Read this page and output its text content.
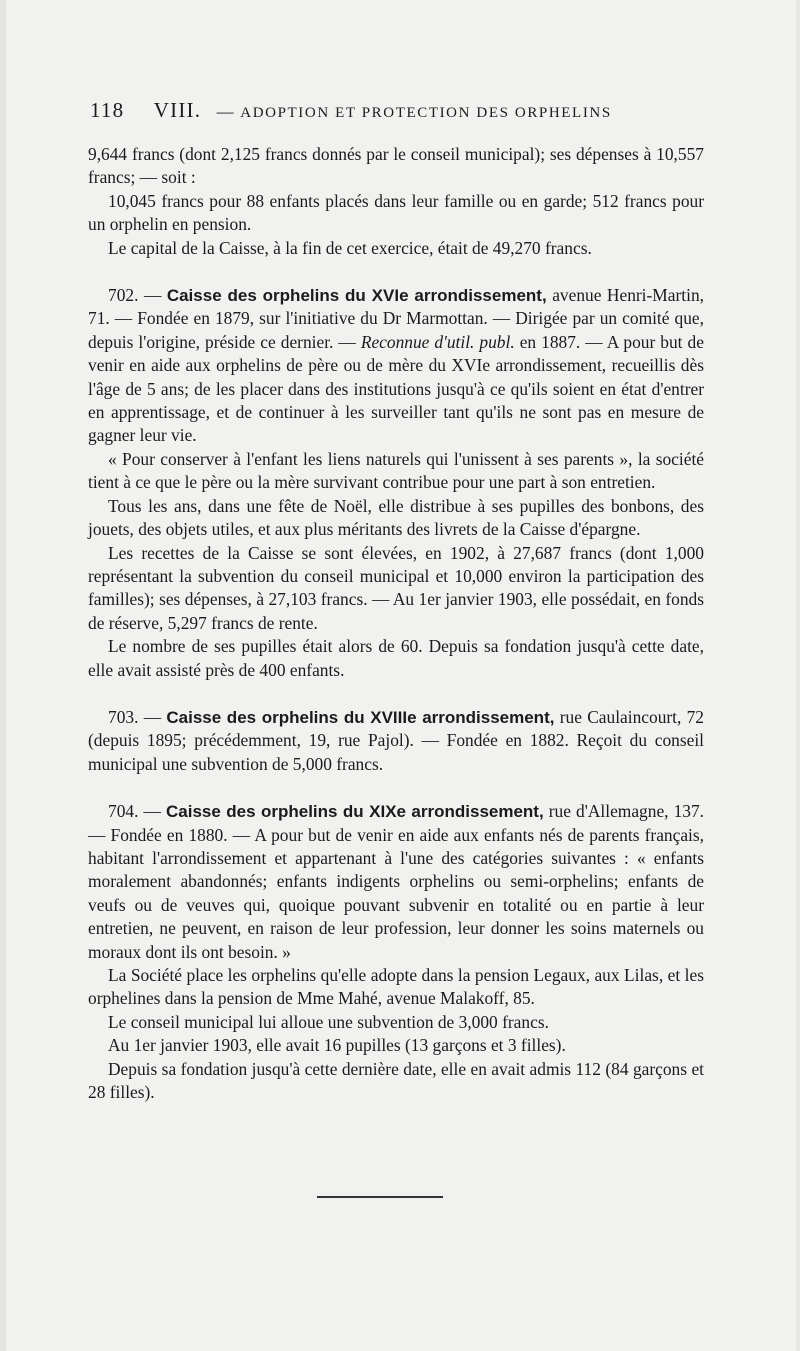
118 VIII. — ADOPTION ET PROTECTION DES ORPHELINS

9,644 francs (dont 2,125 francs donnés par le conseil municipal); ses dépenses à 10,557 francs; — soit :

10,045 francs pour 88 enfants placés dans leur famille ou en garde; 512 francs pour un orphelin en pension.

Le capital de la Caisse, à la fin de cet exercice, était de 49,270 francs.

702. — Caisse des orphelins du XVIe arrondissement, avenue Henri-Martin, 71. — Fondée en 1879, sur l'initiative du Dr Marmottan. — Dirigée par un comité que, depuis l'origine, préside ce dernier. — Reconnue d'util. publ. en 1887. — A pour but de venir en aide aux orphelins de père ou de mère du XVIe arrondissement, recueillis dès l'âge de 5 ans; de les placer dans des institutions jusqu'à ce qu'ils soient en état d'entrer en apprentissage, et de continuer à les surveiller tant qu'ils ne sont pas en mesure de gagner leur vie.

« Pour conserver à l'enfant les liens naturels qui l'unissent à ses parents », la société tient à ce que le père ou la mère survivant contribue pour une part à son entretien.

Tous les ans, dans une fête de Noël, elle distribue à ses pupilles des bonbons, des jouets, des objets utiles, et aux plus méritants des livrets de la Caisse d'épargne.

Les recettes de la Caisse se sont élevées, en 1902, à 27,687 francs (dont 1,000 représentant la subvention du conseil municipal et 10,000 environ la participation des familles); ses dépenses, à 27,103 francs. — Au 1er janvier 1903, elle possédait, en fonds de réserve, 5,297 francs de rente.

Le nombre de ses pupilles était alors de 60. Depuis sa fondation jusqu'à cette date, elle avait assisté près de 400 enfants.

703. — Caisse des orphelins du XVIIIe arrondissement, rue Caulaincourt, 72 (depuis 1895; précédemment, 19, rue Pajol). — Fondée en 1882. Reçoit du conseil municipal une subvention de 5,000 francs.

704. — Caisse des orphelins du XIXe arrondissement, rue d'Allemagne, 137. — Fondée en 1880. — A pour but de venir en aide aux enfants nés de parents français, habitant l'arrondissement et appartenant à l'une des catégories suivantes : « enfants moralement abandonnés; enfants indigents orphelins ou semi-orphelins; enfants de veufs ou de veuves qui, quoique pouvant subvenir en totalité ou en partie à leur entretien, ne peuvent, en raison de leur profession, leur donner les soins maternels ou moraux dont ils ont besoin. »

La Société place les orphelins qu'elle adopte dans la pension Legaux, aux Lilas, et les orphelines dans la pension de Mme Mahé, avenue Malakoff, 85.

Le conseil municipal lui alloue une subvention de 3,000 francs.

Au 1er janvier 1903, elle avait 16 pupilles (13 garçons et 3 filles).

Depuis sa fondation jusqu'à cette dernière date, elle en avait admis 112 (84 garçons et 28 filles).
